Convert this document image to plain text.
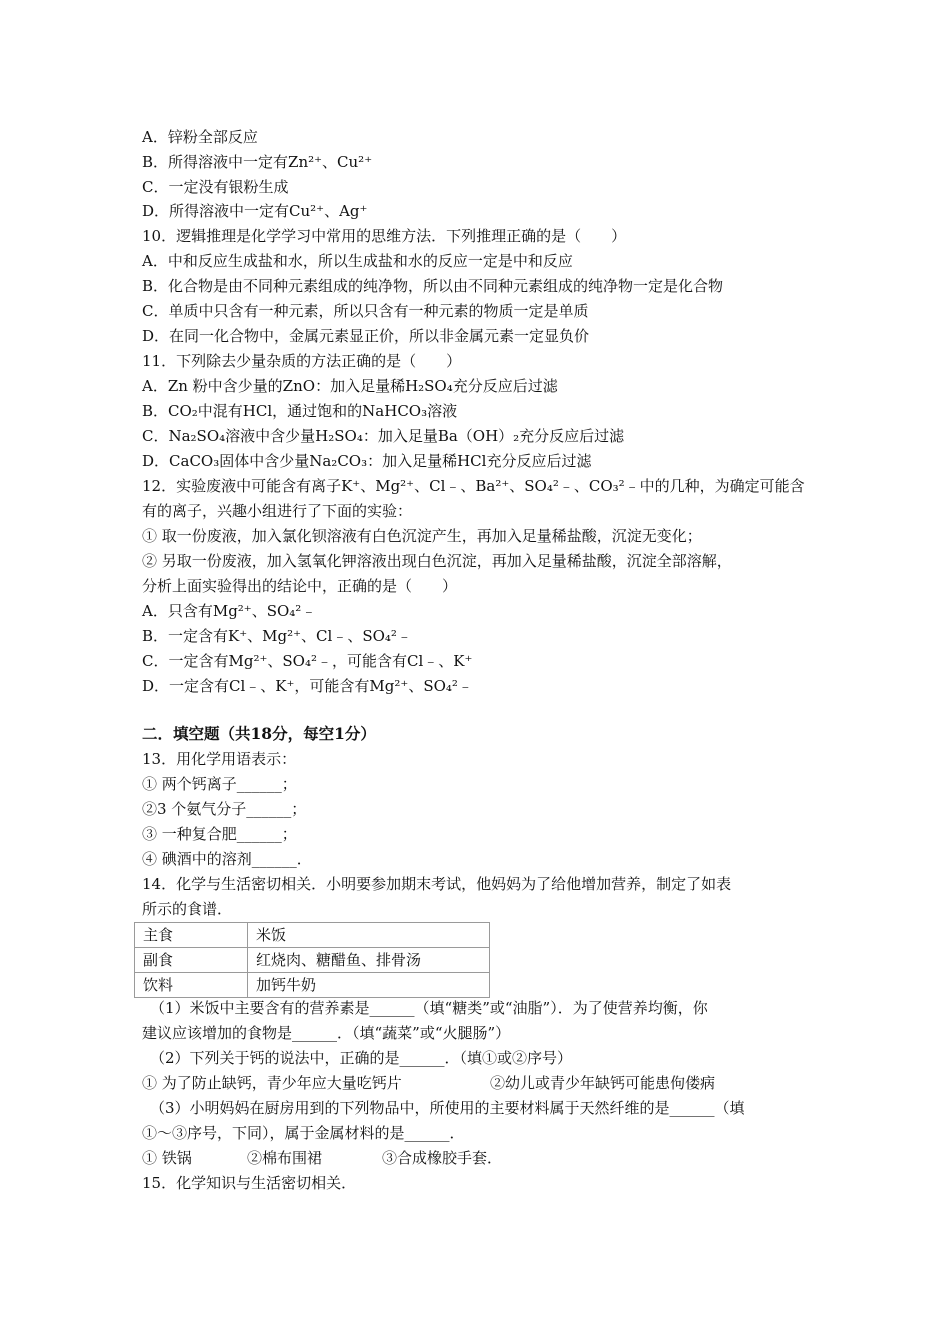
A．锌粉全部反应
B．所得溶液中一定有Zn²⁺、Cu²⁺
C．一定没有银粉生成
D．所得溶液中一定有Cu²⁺、Ag⁺
10．逻辑推理是化学学习中常用的思维方法．下列推理正确的是（　　）
A．中和反应生成盐和水，所以生成盐和水的反应一定是中和反应
B．化合物是由不同种元素组成的纯净物，所以由不同种元素组成的纯净物一定是化合物
C．单质中只含有一种元素，所以只含有一种元素的物质一定是单质
D．在同一化合物中，金属元素显正价，所以非金属元素一定显负价
11．下列除去少量杂质的方法正确的是（　　）
A．Zn 粉中含少量的ZnO：加入足量稀H₂SO₄充分反应后过滤
B．CO₂中混有HCl，通过饱和的NaHCO₃溶液
C．Na₂SO₄溶液中含少量H₂SO₄：加入足量Ba（OH）₂充分反应后过滤
D．CaCO₃固体中含少量Na₂CO₃：加入足量稀HCl充分反应后过滤
12．实验废液中可能含有离子K⁺、Mg²⁺、Cl﹣、Ba²⁺、SO₄²﹣、CO₃²﹣中的几种，为确定可能含
有的离子，兴趣小组进行了下面的实验：
① 取一份废液，加入氯化钡溶液有白色沉淀产生，再加入足量稀盐酸，沉淀无变化；
② 另取一份废液，加入氢氧化钾溶液出现白色沉淀，再加入足量稀盐酸，沉淀全部溶解，
分析上面实验得出的结论中，正确的是（　　）
A．只含有Mg²⁺、SO₄²﹣
B．一定含有K⁺、Mg²⁺、Cl﹣、SO₄²﹣
C．一定含有Mg²⁺、SO₄²﹣，可能含有Cl﹣、K⁺
D．一定含有Cl﹣、K⁺，可能含有Mg²⁺、SO₄²﹣
二．填空题（共18分，每空1分）
13．用化学用语表示：
① 两个钙离子______；
②3 个氨气分子______；
③ 一种复合肥______；
④ 碘酒中的溶剂______．
14．化学与生活密切相关．小明要参加期末考试，他妈妈为了给他增加营养，制定了如表
所示的食谱．
主食	米饭
副食	红烧肉、糖醋鱼、排骨汤
饮料	加钙牛奶
（1）米饭中主要含有的营养素是______（填“糖类”或“油脂”）．为了使营养均衡，你
建议应该增加的食物是______．（填“蔬菜”或“火腿肠”）
（2）下列关于钙的说法中，正确的是______．（填①或②序号）
① 为了防止缺钙，青少年应大量吃钙片	②幼儿或青少年缺钙可能患佝偻病
（3）小明妈妈在厨房用到的下列物品中，所使用的主要材料属于天然纤维的是______（填
①～③序号，下同），属于金属材料的是______．
① 铁锅	②棉布围裙	③合成橡胶手套．
15．化学知识与生活密切相关．
